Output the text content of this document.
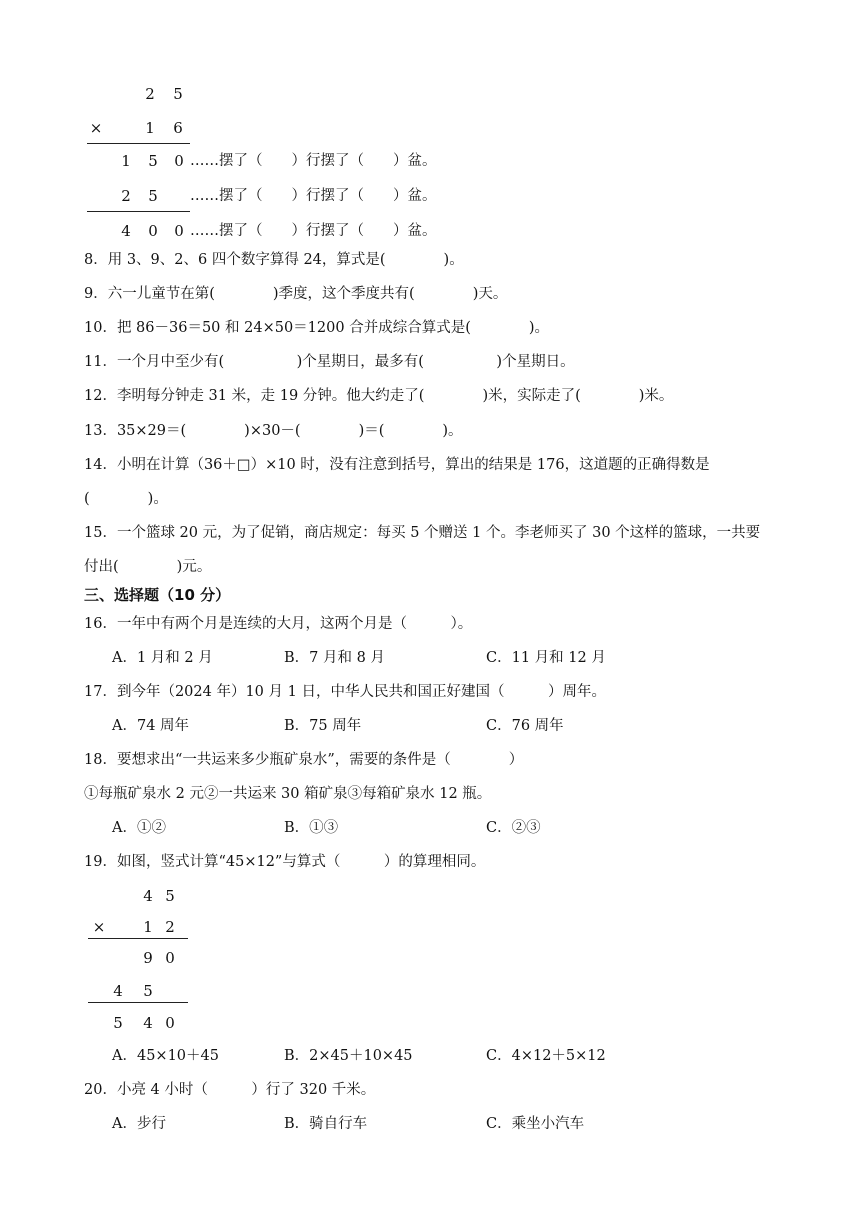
2	5
×	1	6
1	5	0 ……摆了（　　）行摆了（　　）盆。
2	5	……摆了（　　）行摆了（　　）盆。
4	0	0 ……摆了（　　）行摆了（　　）盆。
8．用 3、9、2、6 四个数字算得 24，算式是(　　　　)。
9．六一儿童节在第(　　　　)季度，这个季度共有(　　　　)天。
10．把 86－36＝50 和 24×50＝1200 合并成综合算式是(　　　　)。
11．一个月中至少有(　　　　　)个星期日，最多有(　　　　　)个星期日。
12．李明每分钟走 31 米，走 19 分钟。他大约走了(　　　　)米，实际走了(　　　　)米。
13．35×29＝(　　　　)×30－(　　　　)＝(　　　　)。
14．小明在计算（36＋□）×10 时，没有注意到括号，算出的结果是 176，这道题的正确得数是
(　　　　)。
15．一个篮球 20 元，为了促销，商店规定：每买 5 个赠送 1 个。李老师买了 30 个这样的篮球，一共要
付出(　　　　)元。
三、选择题（10 分）
16．一年中有两个月是连续的大月，这两个月是（　　　）。
A．1 月和 2 月	B．7 月和 8 月	C．11 月和 12 月
17．到今年（2024 年）10 月 1 日，中华人民共和国正好建国（　　　）周年。
A．74 周年	B．75 周年	C．76 周年
18．要想求出“一共运来多少瓶矿泉水”，需要的条件是（　　　　）
①每瓶矿泉水 2 元②一共运来 30 箱矿泉③每箱矿泉水 12 瓶。
A．①②	B．①③	C．②③
19．如图，竖式计算“45×12”与算式（　　　）的算理相同。
4 5
×	1 2
9 0
4	5
5	4 0
A．45×10＋45	B．2×45＋10×45	C．4×12＋5×12
20．小亮 4 小时（　　　）行了 320 千米。
A．步行	B．骑自行车	C．乘坐小汽车
